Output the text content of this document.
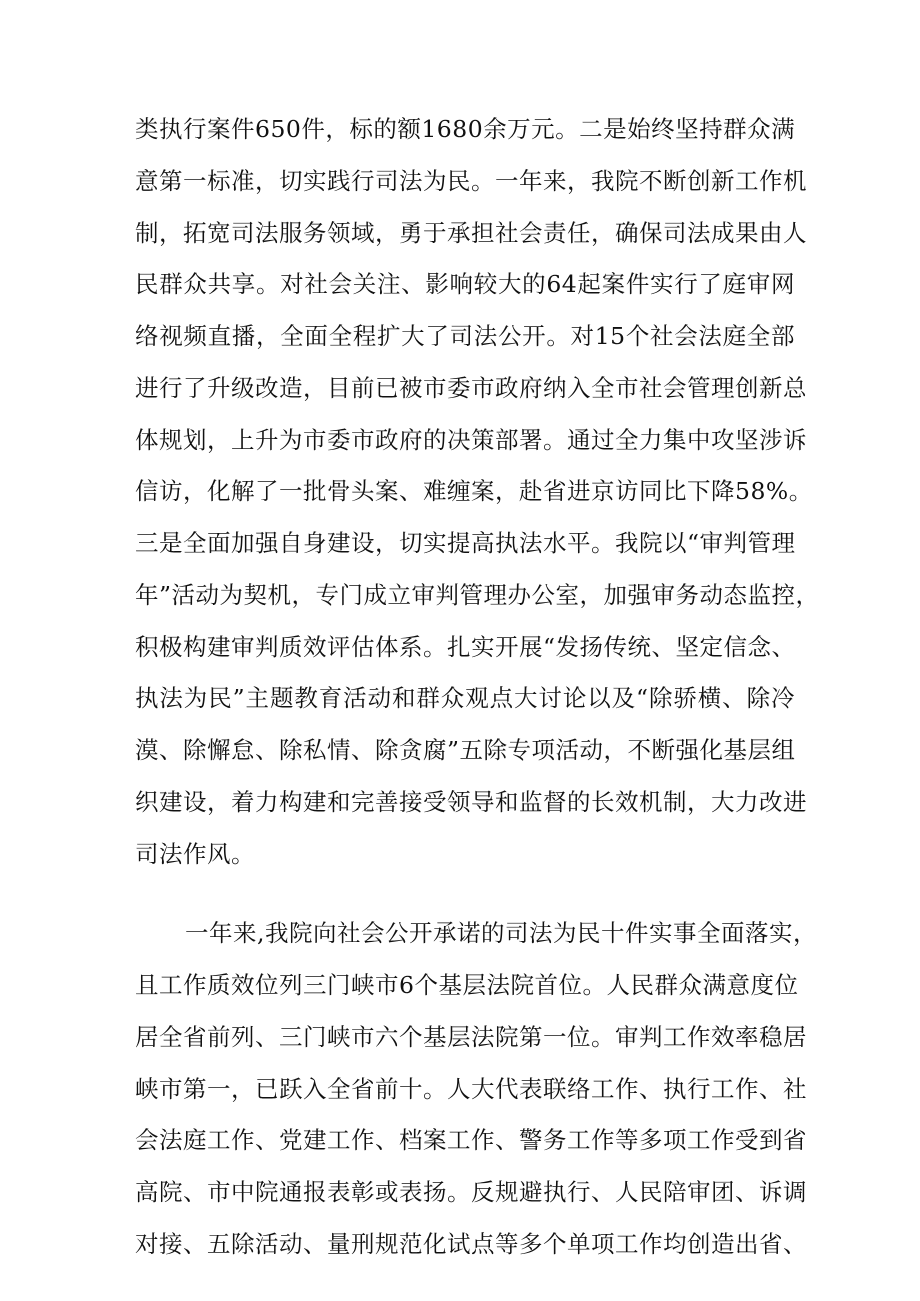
类执行案件650件，标的额1680余万元。二是始终坚持群众满
意第一标准，切实践行司法为民。一年来，我院不断创新工作机
制，拓宽司法服务领域，勇于承担社会责任，确保司法成果由人
民群众共享。对社会关注、影响较大的64起案件实行了庭审网
络视频直播，全面全程扩大了司法公开。对15个社会法庭全部
进行了升级改造，目前已被市委市政府纳入全市社会管理创新总
体规划，上升为市委市政府的决策部署。通过全力集中攻坚涉诉
信访，化解了一批骨头案、难缠案，赴省进京访同比下降58%。
三是全面加强自身建设，切实提高执法水平。我院以“审判管理
年”活动为契机，专门成立审判管理办公室，加强审务动态监控，
积极构建审判质效评估体系。扎实开展“发扬传统、坚定信念、
执法为民”主题教育活动和群众观点大讨论以及“除骄横、除冷
漠、除懈怠、除私情、除贪腐”五除专项活动，不断强化基层组
织建设，着力构建和完善接受领导和监督的长效机制，大力改进
司法作风。
一年来,我院向社会公开承诺的司法为民十件实事全面落实，
且工作质效位列三门峡市6个基层法院首位。人民群众满意度位
居全省前列、三门峡市六个基层法院第一位。审判工作效率稳居
峡市第一，已跃入全省前十。人大代表联络工作、执行工作、社
会法庭工作、党建工作、档案工作、警务工作等多项工作受到省
高院、市中院通报表彰或表扬。反规避执行、人民陪审团、诉调
对接、五除活动、量刑规范化试点等多个单项工作均创造出省、
